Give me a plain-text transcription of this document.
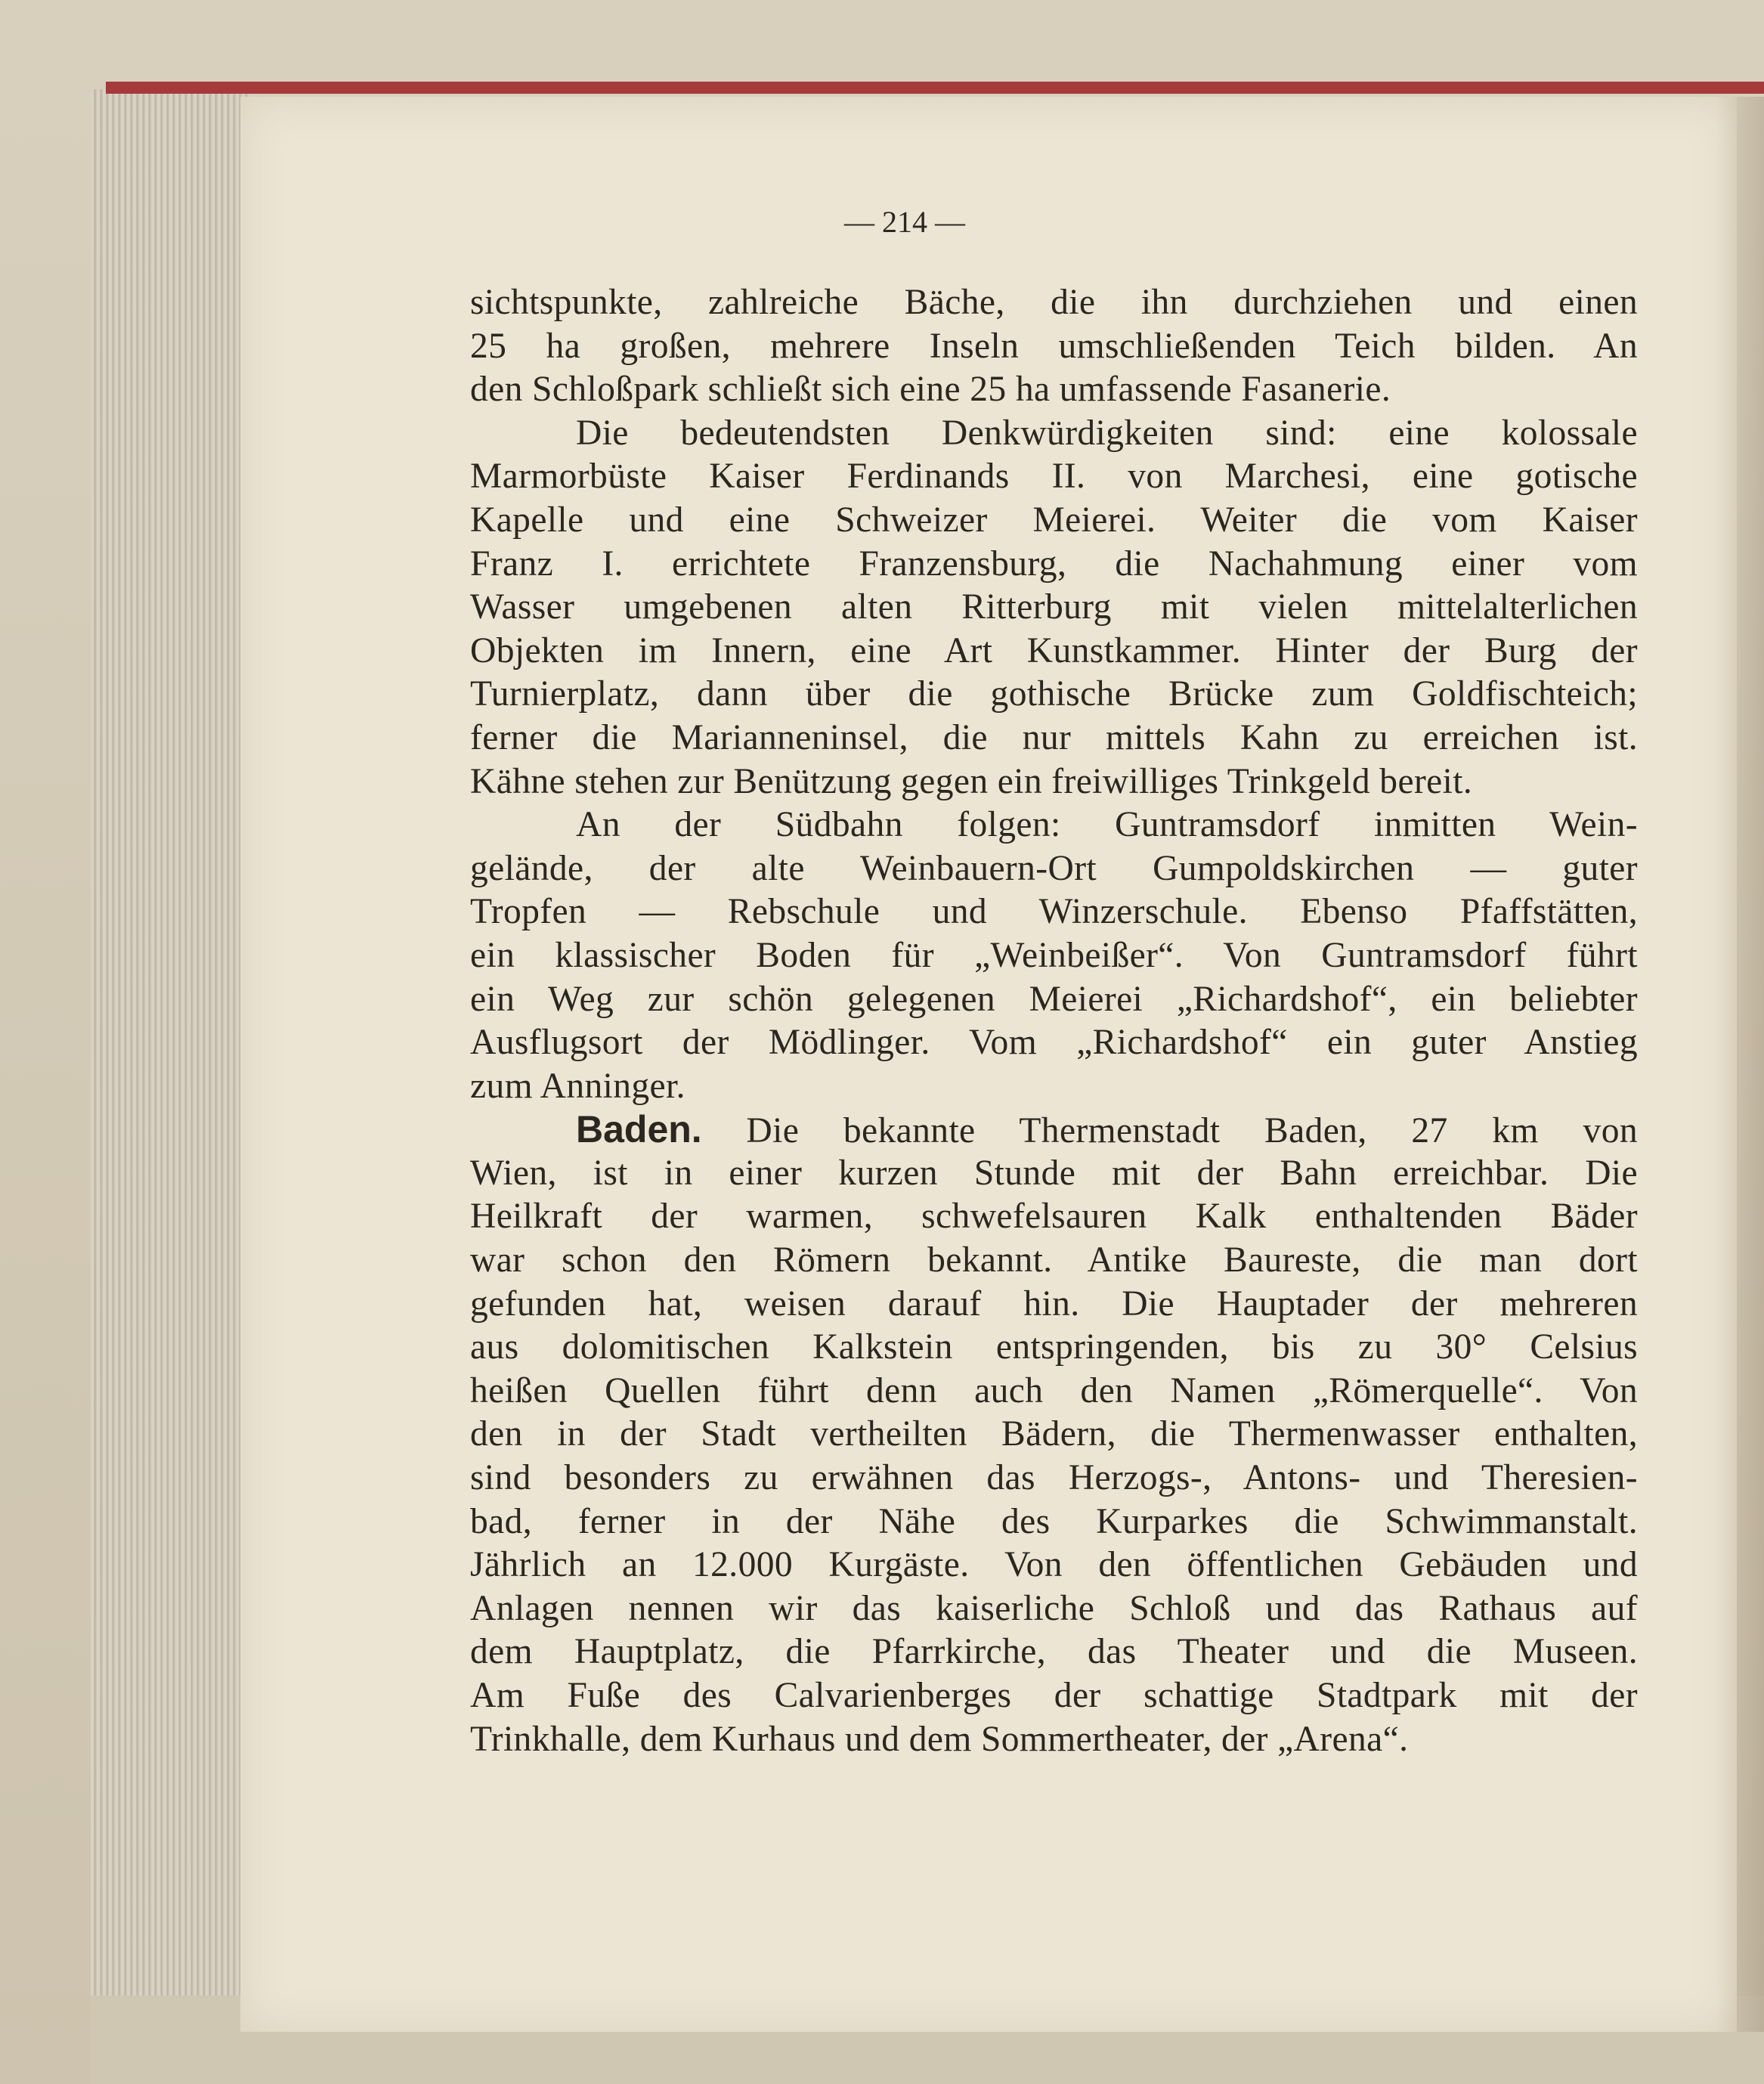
— 214 —
sichtspunkte, zahlreiche Bäche, die ihn durchziehen und einen
25 ha großen, mehrere Inseln umschließenden Teich bilden. An
den Schloßpark schließt sich eine 25 ha umfassende Fasanerie.
Die bedeutendsten Denkwürdigkeiten sind: eine kolossale
Marmorbüste Kaiser Ferdinands II. von Marchesi, eine gotische
Kapelle und eine Schweizer Meierei. Weiter die vom Kaiser
Franz I. errichtete Franzensburg, die Nachahmung einer vom
Wasser umgebenen alten Ritterburg mit vielen mittelalterlichen
Objekten im Innern, eine Art Kunstkammer. Hinter der Burg der
Turnierplatz, dann über die gothische Brücke zum Goldfischteich;
ferner die Marianneninsel, die nur mittels Kahn zu erreichen ist.
Kähne stehen zur Benützung gegen ein freiwilliges Trinkgeld bereit.
An der Südbahn folgen: Guntramsdorf inmitten Wein-
gelände, der alte Weinbauern-Ort Gumpoldskirchen — guter
Tropfen — Rebschule und Winzerschule. Ebenso Pfaffstätten,
ein klassischer Boden für „Weinbeißer“. Von Guntramsdorf führt
ein Weg zur schön gelegenen Meierei „Richardshof“, ein beliebter
Ausflugsort der Mödlinger. Vom „Richardshof“ ein guter Anstieg
zum Anninger.
Baden. Die bekannte Thermenstadt Baden, 27 km von
Wien, ist in einer kurzen Stunde mit der Bahn erreichbar. Die
Heilkraft der warmen, schwefelsauren Kalk enthaltenden Bäder
war schon den Römern bekannt. Antike Baureste, die man dort
gefunden hat, weisen darauf hin. Die Hauptader der mehreren
aus dolomitischen Kalkstein entspringenden, bis zu 30° Celsius
heißen Quellen führt denn auch den Namen „Römerquelle“. Von
den in der Stadt vertheilten Bädern, die Thermenwasser enthalten,
sind besonders zu erwähnen das Herzogs-, Antons- und Theresien-
bad, ferner in der Nähe des Kurparkes die Schwimmanstalt.
Jährlich an 12.000 Kurgäste. Von den öffentlichen Gebäuden und
Anlagen nennen wir das kaiserliche Schloß und das Rathaus auf
dem Hauptplatz, die Pfarrkirche, das Theater und die Museen.
Am Fuße des Calvarienberges der schattige Stadtpark mit der
Trinkhalle, dem Kurhaus und dem Sommertheater, der „Arena“.
